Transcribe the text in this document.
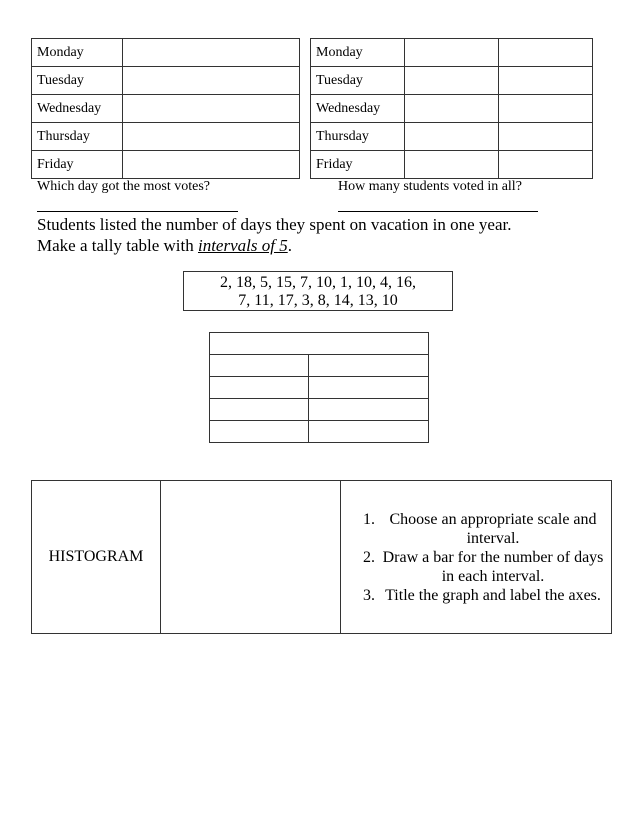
Monday	
Tuesday	
Wednesday	
Thursday	
Friday	
Monday		
Tuesday		
Wednesday		
Thursday		
Friday		
Which day got the most votes?	How many students voted in all?
Students listed the number of days they spent on vacation in one year.
Make a tally table with intervals of 5.
2, 18, 5, 15, 7, 10, 1, 10, 4, 16,
7, 11, 17, 3, 8, 14, 13, 10

HISTOGRAM		
1. Choose an appropriate scale and interval.
2. Draw a bar for the number of days in each interval.
3. Title the graph and label the axes.
